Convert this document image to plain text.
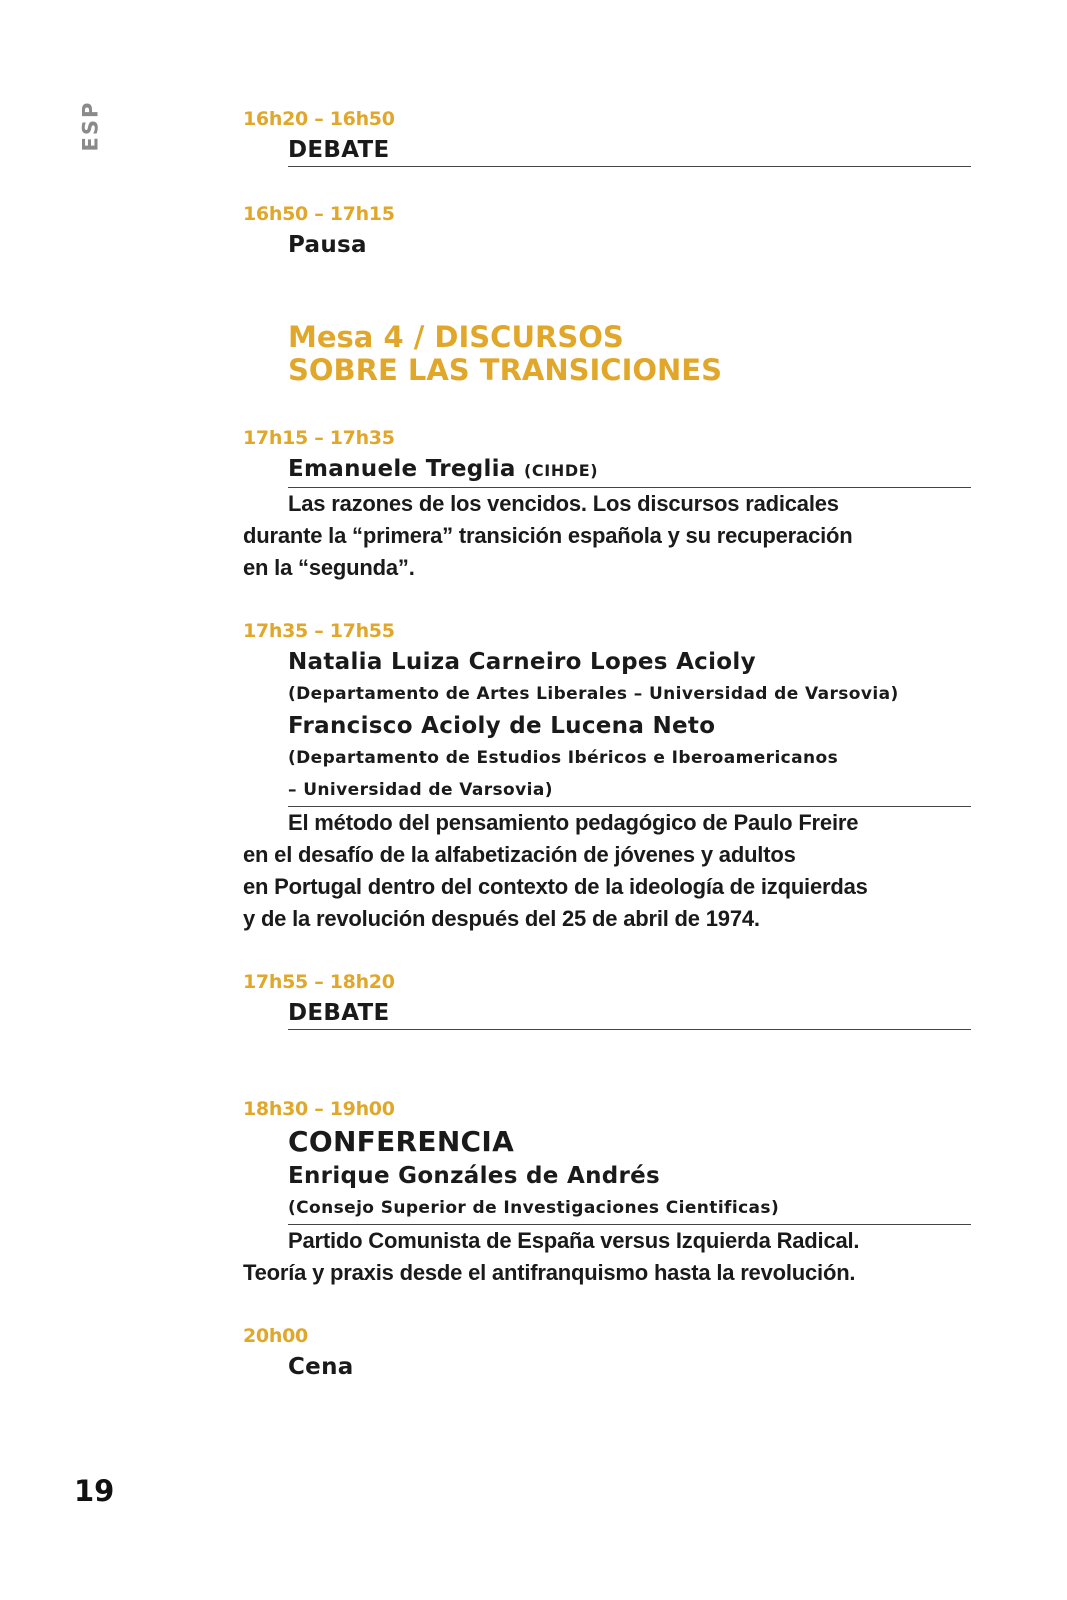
ESP	16h20 – 16h50
DEBATE
16h50 – 17h15
Pausa
Mesa 4 / DISCURSOS
SOBRE LAS TRANSICIONES
17h15 – 17h35
Emanuele Treglia (CIHDE)
Las razones de los vencidos. Los discursos radicales
durante la “primera” transición española y su recuperación
en la “segunda”.
17h35 – 17h55
Natalia Luiza Carneiro Lopes Acioly
(Departamento de Artes Liberales – Universidad de Varsovia)
Francisco Acioly de Lucena Neto
(Departamento de Estudios Ibéricos e Iberoamericanos
– Universidad de Varsovia)
El método del pensamiento pedagógico de Paulo Freire
en el desafío de la alfabetización de jóvenes y adultos
en Portugal dentro del contexto de la ideología de izquierdas
y de la revolución después del 25 de abril de 1974.
17h55 – 18h20
DEBATE
18h30 – 19h00
CONFERENCIA
Enrique Gonzáles de Andrés
(Consejo Superior de Investigaciones Cientificas)
Partido Comunista de España versus Izquierda Radical.
Teoría y praxis desde el antifranquismo hasta la revolución.
20h00
Cena
19
